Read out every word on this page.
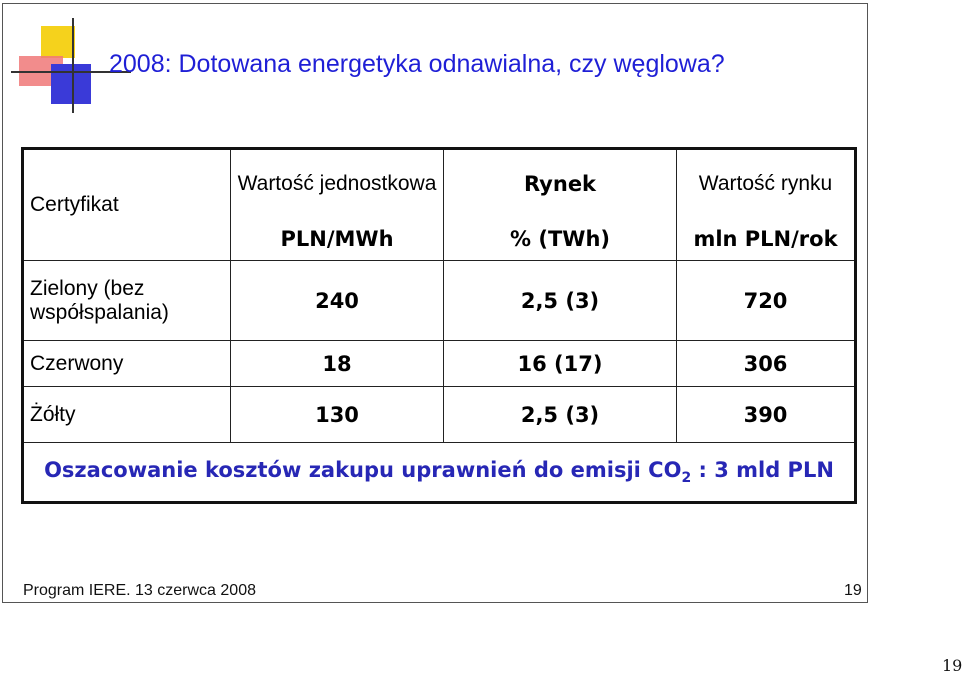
2008: Dotowana energetyka odnawialna, czy węglowa?
Certyfikat	Wartość jednostkowa	Rynek	Wartość rynku
	PLN/MWh	% (TWh)	mln PLN/rok
Zielony (bez współspalania)	240	2,5 (3)	720
Czerwony	18	16 (17)	306
Żółty	130	2,5 (3)	390
Oszacowanie kosztów zakupu uprawnień do emisji $CO_2$ : 3 mld PLN			
Program IERE. 13 czerwca 2008	19
19
